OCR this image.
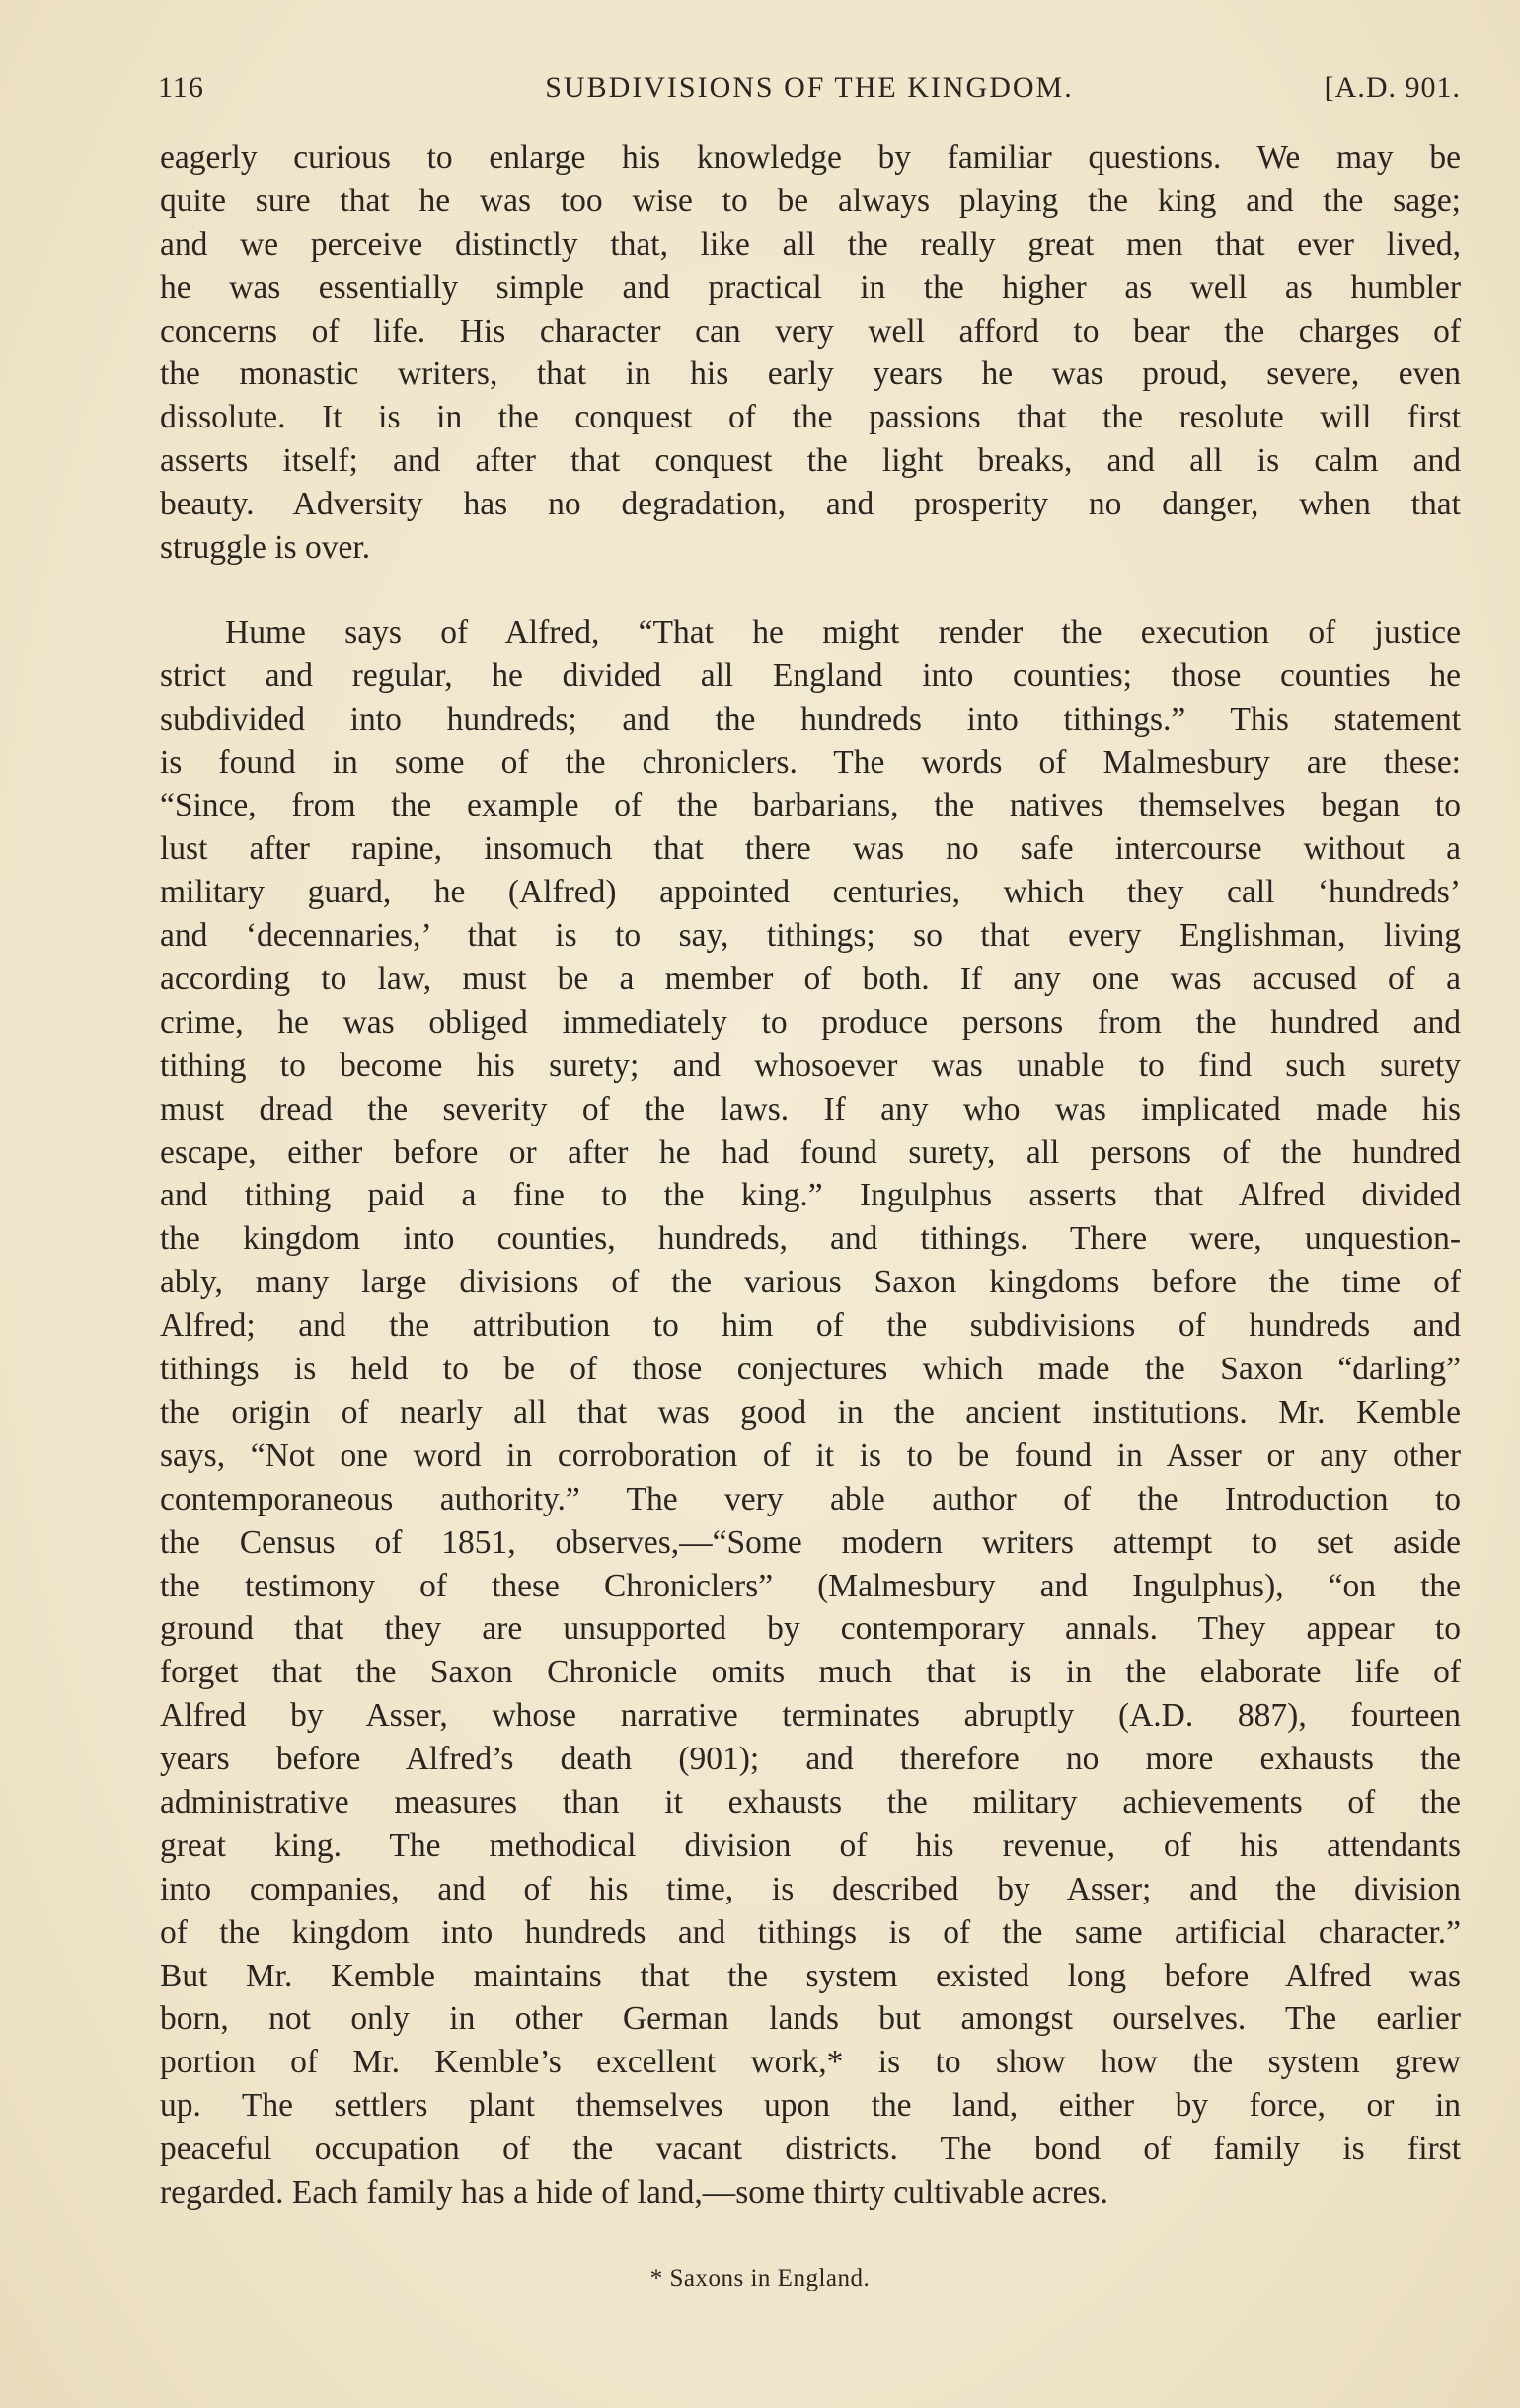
116	SUBDIVISIONS OF THE KINGDOM.	[A.D. 901.
eagerly curious to enlarge his knowledge by familiar questions. We may be
quite sure that he was too wise to be always playing the king and the sage;
and we perceive distinctly that, like all the really great men that ever lived,
he was essentially simple and practical in the higher as well as humbler
concerns of life. His character can very well afford to bear the charges of
the monastic writers, that in his early years he was proud, severe, even
dissolute. It is in the conquest of the passions that the resolute will first
asserts itself; and after that conquest the light breaks, and all is calm and
beauty. Adversity has no degradation, and prosperity no danger, when that
struggle is over.
Hume says of Alfred, “That he might render the execution of justice
strict and regular, he divided all England into counties; those counties he
subdivided into hundreds; and the hundreds into tithings.” This statement
is found in some of the chroniclers. The words of Malmesbury are these:
“Since, from the example of the barbarians, the natives themselves began to
lust after rapine, insomuch that there was no safe intercourse without a
military guard, he (Alfred) appointed centuries, which they call ‘hundreds’
and ‘decennaries,’ that is to say, tithings; so that every Englishman, living
according to law, must be a member of both. If any one was accused of a
crime, he was obliged immediately to produce persons from the hundred and
tithing to become his surety; and whosoever was unable to find such surety
must dread the severity of the laws. If any who was implicated made his
escape, either before or after he had found surety, all persons of the hundred
and tithing paid a fine to the king.” Ingulphus asserts that Alfred divided
the kingdom into counties, hundreds, and tithings. There were, unquestion-
ably, many large divisions of the various Saxon kingdoms before the time of
Alfred; and the attribution to him of the subdivisions of hundreds and
tithings is held to be of those conjectures which made the Saxon “darling”
the origin of nearly all that was good in the ancient institutions. Mr. Kemble
says, “Not one word in corroboration of it is to be found in Asser or any other
contemporaneous authority.” The very able author of the Introduction to
the Census of 1851, observes,—“Some modern writers attempt to set aside
the testimony of these Chroniclers” (Malmesbury and Ingulphus), “on the
ground that they are unsupported by contemporary annals. They appear to
forget that the Saxon Chronicle omits much that is in the elaborate life of
Alfred by Asser, whose narrative terminates abruptly (A.D. 887), fourteen
years before Alfred’s death (901); and therefore no more exhausts the
administrative measures than it exhausts the military achievements of the
great king. The methodical division of his revenue, of his attendants
into companies, and of his time, is described by Asser; and the division
of the kingdom into hundreds and tithings is of the same artificial character.”
But Mr. Kemble maintains that the system existed long before Alfred was
born, not only in other German lands but amongst ourselves. The earlier
portion of Mr. Kemble’s excellent work,* is to show how the system grew
up. The settlers plant themselves upon the land, either by force, or in
peaceful occupation of the vacant districts. The bond of family is first
regarded. Each family has a hide of land,—some thirty cultivable acres.
* Saxons in England.
